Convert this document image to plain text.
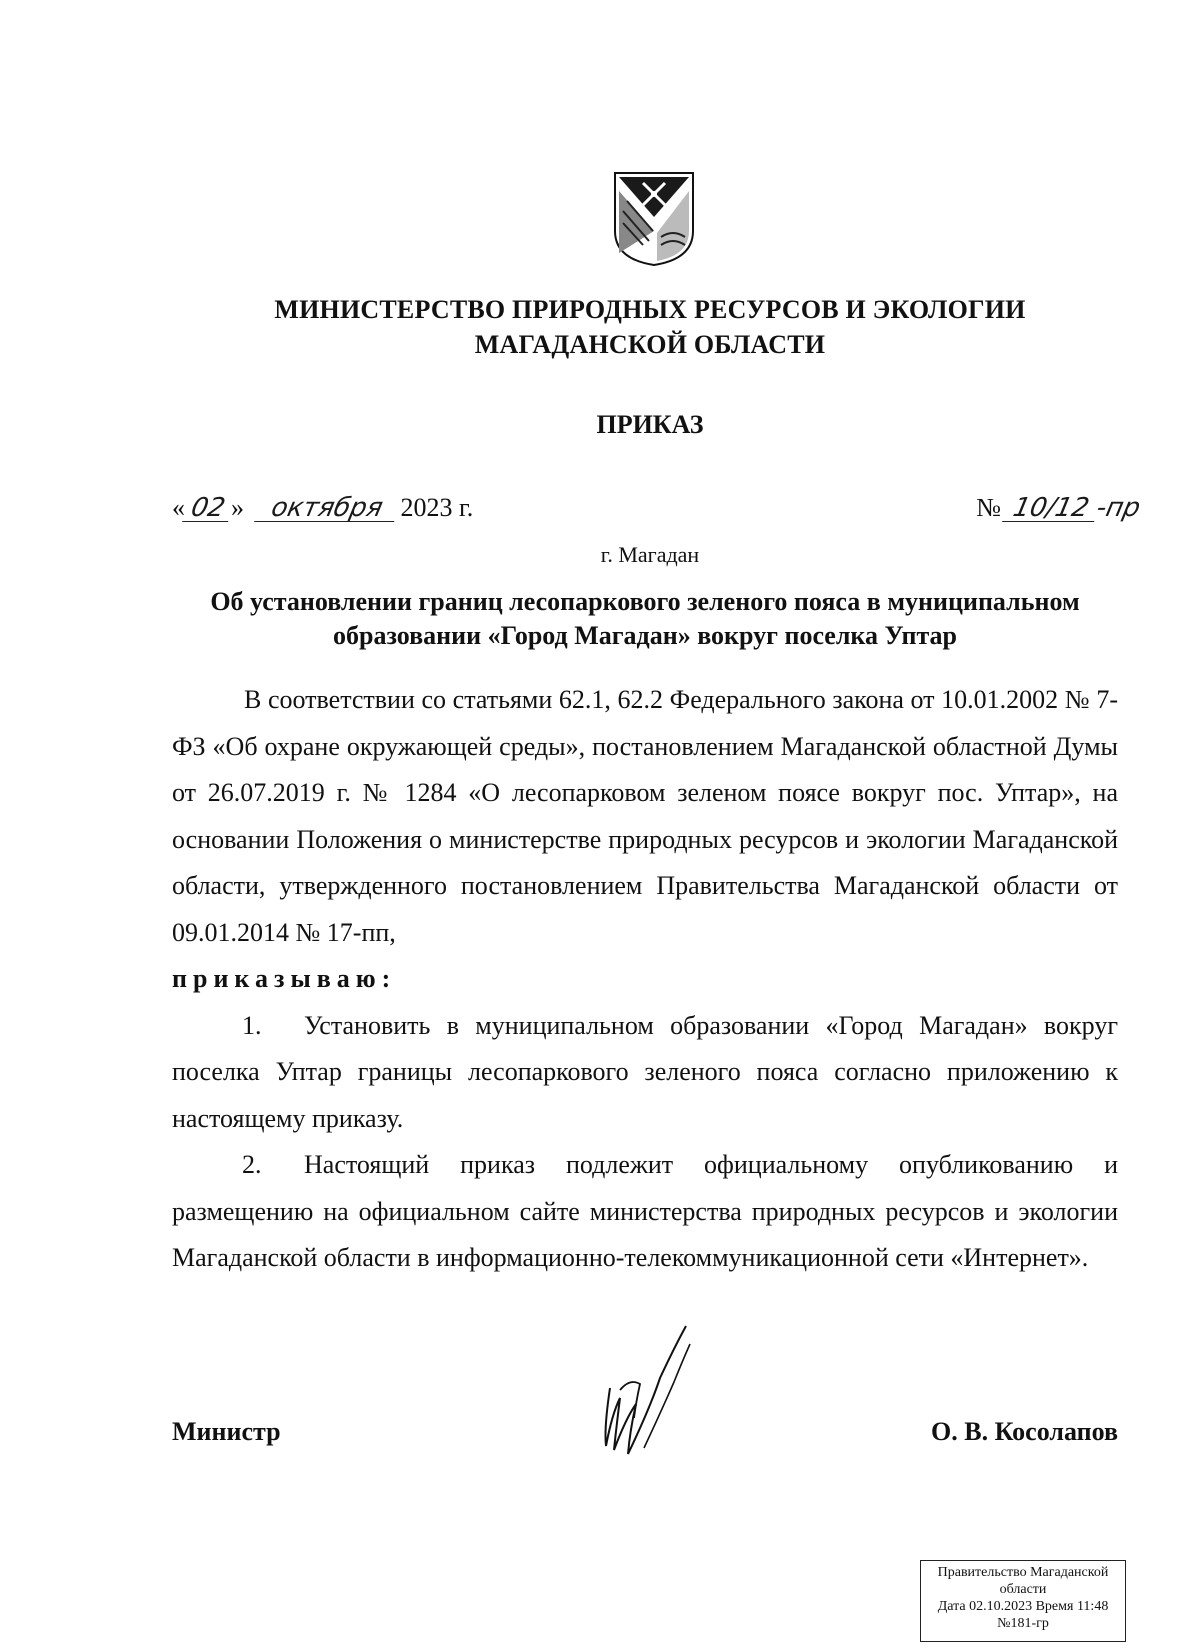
МИНИСТЕРСТВО ПРИРОДНЫХ РЕСУРСОВ И ЭКОЛОГИИ
МАГАДАНСКОЙ ОБЛАСТИ
ПРИКАЗ
« 02 » октября 2023 г.	№ 10/12-пр
г. Магадан
Об установлении границ лесопаркового зеленого пояса в муниципальном
образовании «Город Магадан» вокруг поселка Уптар

В соответствии со статьями 62.1, 62.2 Федерального закона от 10.01.2002 № 7-ФЗ «Об охране окружающей среды», постановлением Магаданской областной Думы от 26.07.2019 г. № 1284 «О лесопарковом зеленом поясе вокруг пос. Уптар», на основании Положения о министерстве природных ресурсов и экологии Магаданской области, утвержденного постановлением Правительства Магаданской области от 09.01.2014 № 17-пп,

приказываю:

1. Установить в муниципальном образовании «Город Магадан» вокруг поселка Уптар границы лесопаркового зеленого пояса согласно приложению к настоящему приказу.

2. Настоящий приказ подлежит официальному опубликованию и размещению на официальном сайте министерства природных ресурсов и экологии Магаданской области в информационно-телекоммуникационной сети «Интернет».

Министр	О. В. Косолапов
Правительство Магаданской
области
Дата 02.10.2023 Время 11:48
№181-гр
